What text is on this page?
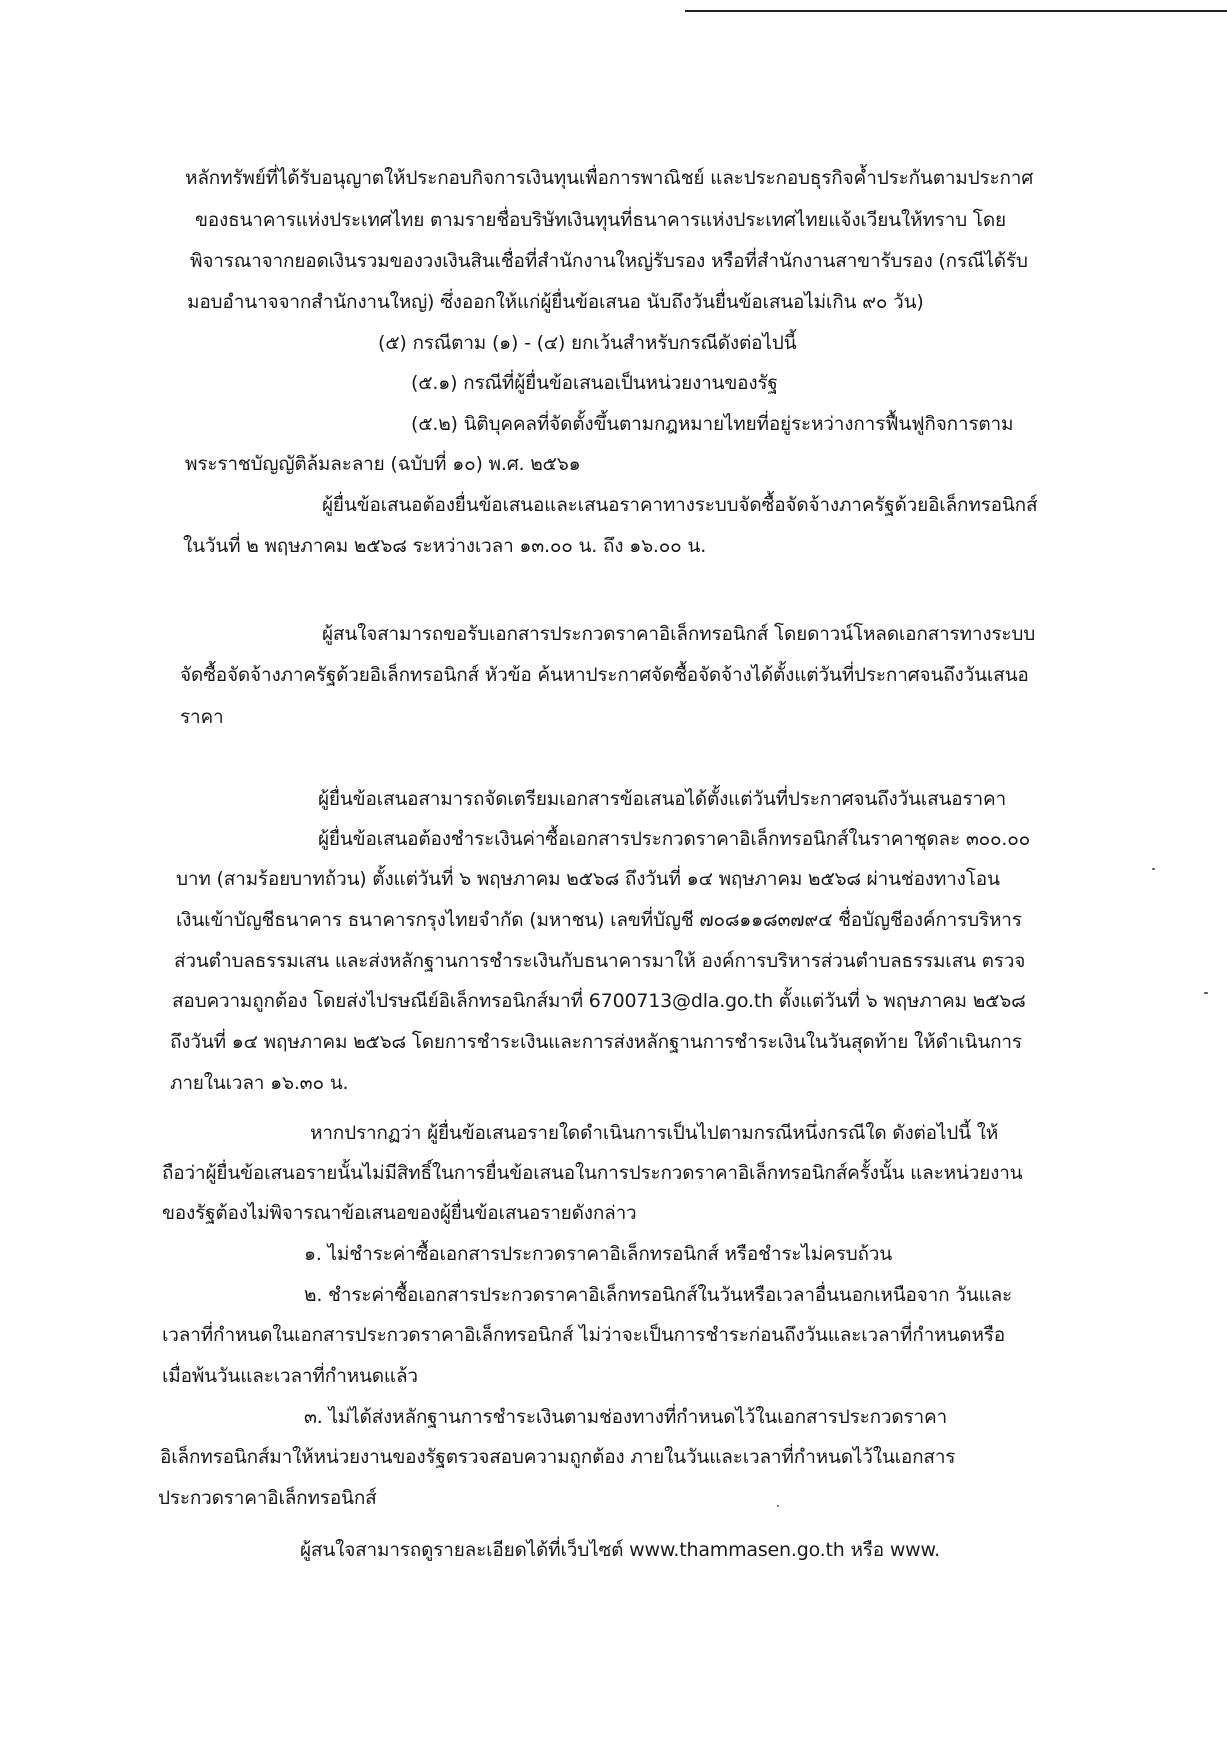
หลักทรัพย์ที่ได้รับอนุญาตให้ประกอบกิจการเงินทุนเพื่อการพาณิชย์ และประกอบธุรกิจค้ำประกันตามประกาศ
ของธนาคารแห่งประเทศไทย ตามรายชื่อบริษัทเงินทุนที่ธนาคารแห่งประเทศไทยแจ้งเวียนให้ทราบ โดย
พิจารณาจากยอดเงินรวมของวงเงินสินเชื่อที่สำนักงานใหญ่รับรอง หรือที่สำนักงานสาขารับรอง (กรณีได้รับ
มอบอำนาจจากสำนักงานใหญ่) ซึ่งออกให้แก่ผู้ยื่นข้อเสนอ นับถึงวันยื่นข้อเสนอไม่เกิน ๙๐ วัน)
(๕) กรณีตาม (๑) - (๔) ยกเว้นสำหรับกรณีดังต่อไปนี้
(๕.๑) กรณีที่ผู้ยื่นข้อเสนอเป็นหน่วยงานของรัฐ
(๕.๒) นิติบุคคลที่จัดตั้งขึ้นตามกฎหมายไทยที่อยู่ระหว่างการฟื้นฟูกิจการตาม
พระราชบัญญัติล้มละลาย (ฉบับที่ ๑๐) พ.ศ. ๒๕๖๑
ผู้ยื่นข้อเสนอต้องยื่นข้อเสนอและเสนอราคาทางระบบจัดซื้อจัดจ้างภาครัฐด้วยอิเล็กทรอนิกส์
ในวันที่ ๒ พฤษภาคม ๒๕๖๘ ระหว่างเวลา ๑๓.๐๐ น. ถึง ๑๖.๐๐ น.
ผู้สนใจสามารถขอรับเอกสารประกวดราคาอิเล็กทรอนิกส์ โดยดาวน์โหลดเอกสารทางระบบ
จัดซื้อจัดจ้างภาครัฐด้วยอิเล็กทรอนิกส์ หัวข้อ ค้นหาประกาศจัดซื้อจัดจ้างได้ตั้งแต่วันที่ประกาศจนถึงวันเสนอ
ราคา
ผู้ยื่นข้อเสนอสามารถจัดเตรียมเอกสารข้อเสนอได้ตั้งแต่วันที่ประกาศจนถึงวันเสนอราคา
ผู้ยื่นข้อเสนอต้องชำระเงินค่าซื้อเอกสารประกวดราคาอิเล็กทรอนิกส์ในราคาชุดละ ๓๐๐.๐๐
บาท (สามร้อยบาทถ้วน) ตั้งแต่วันที่ ๖ พฤษภาคม ๒๕๖๘ ถึงวันที่ ๑๔ พฤษภาคม ๒๕๖๘ ผ่านช่องทางโอน
เงินเข้าบัญชีธนาคาร ธนาคารกรุงไทยจำกัด (มหาชน) เลขที่บัญชี ๗๐๘๑๑๘๓๗๙๔ ชื่อบัญชีองค์การบริหาร
ส่วนตำบลธรรมเสน และส่งหลักฐานการชำระเงินกับธนาคารมาให้ องค์การบริหารส่วนตำบลธรรมเสน ตรวจ
สอบความถูกต้อง โดยส่งไปรษณีย์อิเล็กทรอนิกส์มาที่ 6700713@dla.go.th ตั้งแต่วันที่ ๖ พฤษภาคม ๒๕๖๘
ถึงวันที่ ๑๔ พฤษภาคม ๒๕๖๘ โดยการชำระเงินและการส่งหลักฐานการชำระเงินในวันสุดท้าย ให้ดำเนินการ
ภายในเวลา ๑๖.๓๐ น.
หากปรากฏว่า ผู้ยื่นข้อเสนอรายใดดำเนินการเป็นไปตามกรณีหนึ่งกรณีใด ดังต่อไปนี้ ให้
ถือว่าผู้ยื่นข้อเสนอรายนั้นไม่มีสิทธิ์ในการยื่นข้อเสนอในการประกวดราคาอิเล็กทรอนิกส์ครั้งนั้น และหน่วยงาน
ของรัฐต้องไม่พิจารณาข้อเสนอของผู้ยื่นข้อเสนอรายดังกล่าว
๑. ไม่ชำระค่าซื้อเอกสารประกวดราคาอิเล็กทรอนิกส์ หรือชำระไม่ครบถ้วน
๒. ชำระค่าซื้อเอกสารประกวดราคาอิเล็กทรอนิกส์ในวันหรือเวลาอื่นนอกเหนือจาก วันและ
เวลาที่กำหนดในเอกสารประกวดราคาอิเล็กทรอนิกส์ ไม่ว่าจะเป็นการชำระก่อนถึงวันและเวลาที่กำหนดหรือ
เมื่อพ้นวันและเวลาที่กำหนดแล้ว
๓. ไม่ได้ส่งหลักฐานการชำระเงินตามช่องทางที่กำหนดไว้ในเอกสารประกวดราคา
อิเล็กทรอนิกส์มาให้หน่วยงานของรัฐตรวจสอบความถูกต้อง ภายในวันและเวลาที่กำหนดไว้ในเอกสาร
ประกวดราคาอิเล็กทรอนิกส์
ผู้สนใจสามารถดูรายละเอียดได้ที่เว็บไซต์ www.thammasen.go.th หรือ www.
